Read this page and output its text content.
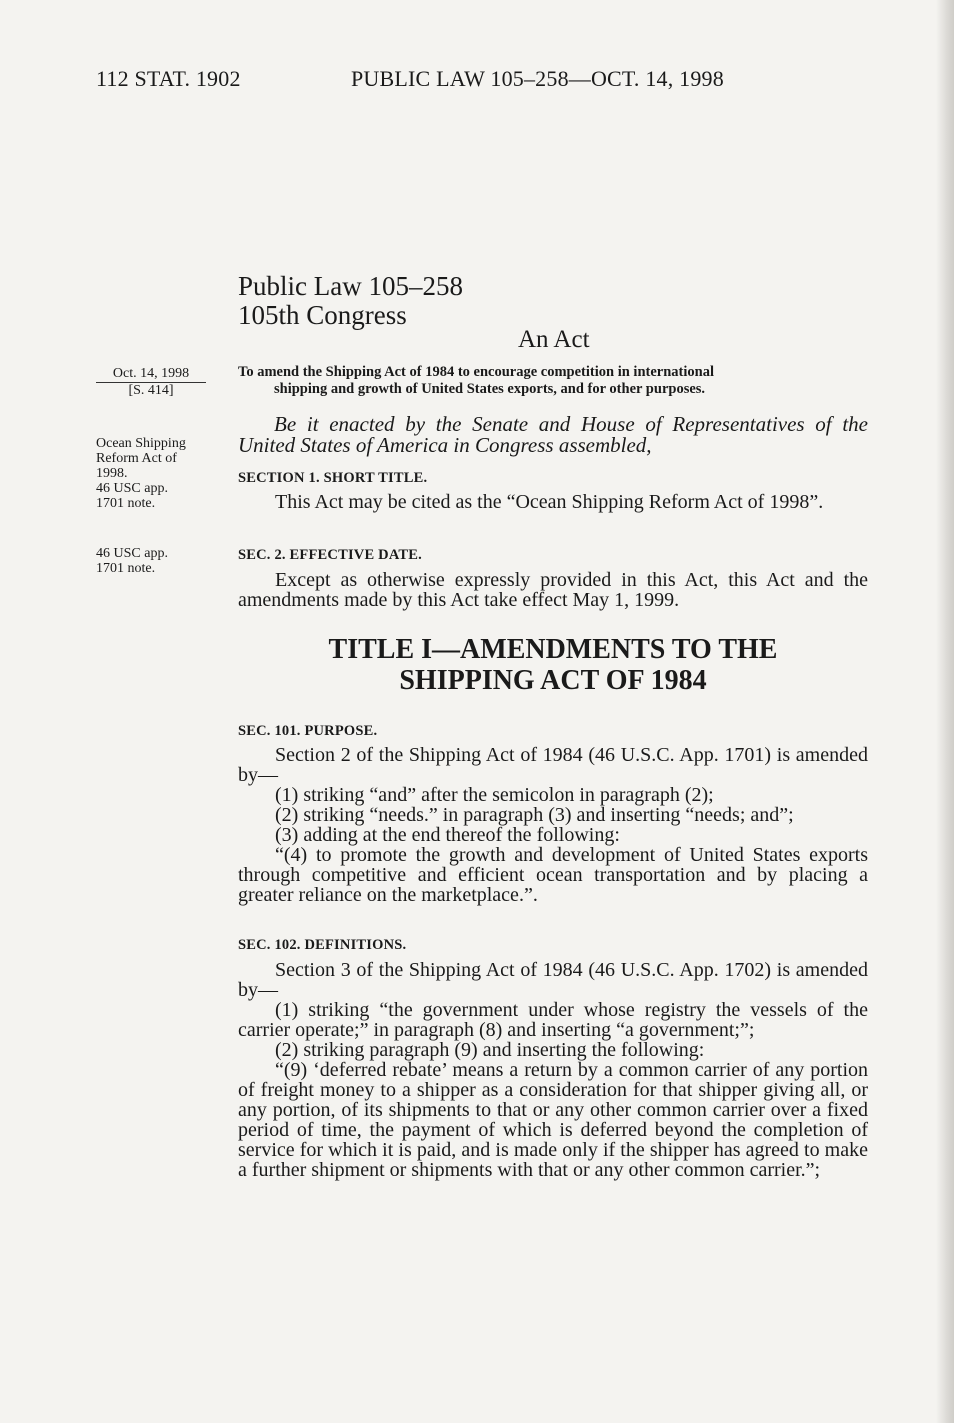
112 STAT. 1902	PUBLIC LAW 105–258—OCT. 14, 1998
Public Law 105–258
105th Congress
An Act
Oct. 14, 1998
[S. 414]
Ocean Shipping
Reform Act of
1998.
46 USC app.
1701 note.
46 USC app.
1701 note.

To amend the Shipping Act of 1984 to encourage competition in international

shipping and growth of United States exports, and for other purposes.

Be it enacted by the Senate and House of Representatives of the United States of America in Congress assembled,

SECTION 1. SHORT TITLE.

This Act may be cited as the “Ocean Shipping Reform Act of 1998”.

SEC. 2. EFFECTIVE DATE.

Except as otherwise expressly provided in this Act, this Act and the amendments made by this Act take effect May 1, 1999.

TITLE I—AMENDMENTS TO THE
SHIPPING ACT OF 1984
SEC. 101. PURPOSE.

Section 2 of the Shipping Act of 1984 (46 U.S.C. App. 1701) is amended by—

(1) striking “and” after the semicolon in paragraph (2);

(2) striking “needs.” in paragraph (3) and inserting “needs; and”;

(3) adding at the end thereof the following:

“(4) to promote the growth and development of United States exports through competitive and efficient ocean transportation and by placing a greater reliance on the marketplace.”.

SEC. 102. DEFINITIONS.

Section 3 of the Shipping Act of 1984 (46 U.S.C. App. 1702) is amended by—

(1) striking “the government under whose registry the vessels of the carrier operate;” in paragraph (8) and inserting “a government;”;

(2) striking paragraph (9) and inserting the following:

“(9) ‘deferred rebate’ means a return by a common carrier of any portion of freight money to a shipper as a consideration for that shipper giving all, or any portion, of its shipments to that or any other common carrier over a fixed period of time, the payment of which is deferred beyond the completion of service for which it is paid, and is made only if the shipper has agreed to make a further shipment or shipments with that or any other common carrier.”;
